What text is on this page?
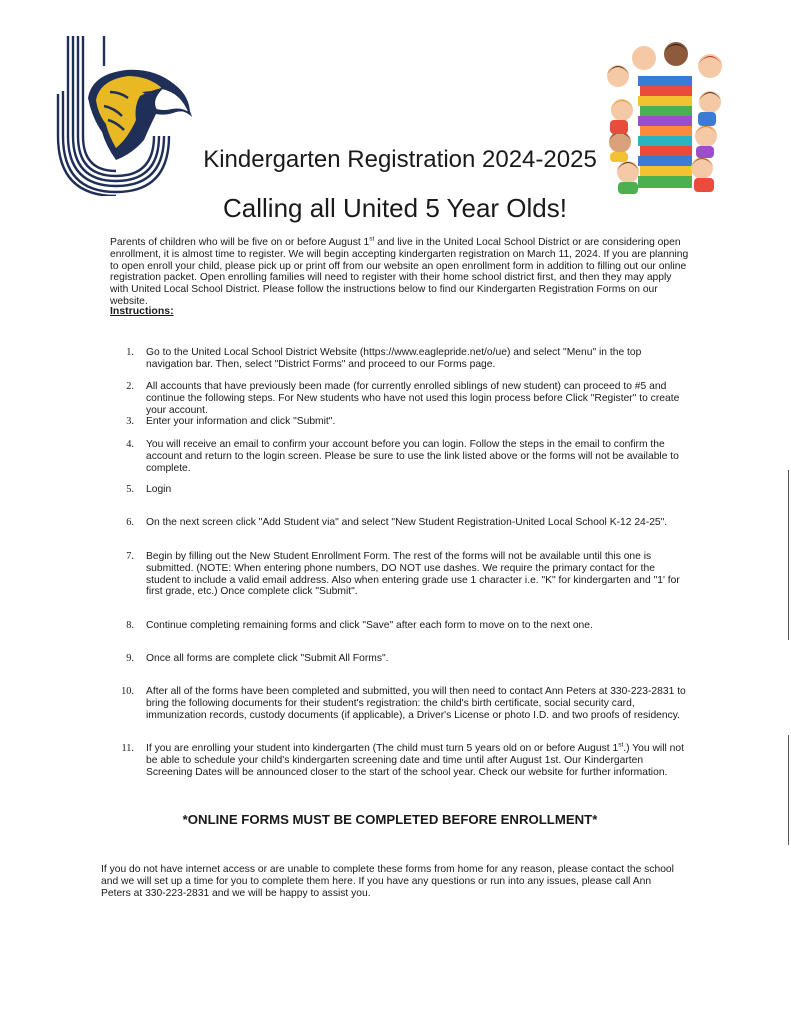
Kindergarten Registration 2024-2025
Calling all United 5 Year Olds!

Parents of children who will be five on or before August 1st and live in the United Local School District or are considering open enrollment, it is almost time to register. We will begin accepting kindergarten registration on March 11, 2024. If you are planning to open enroll your child, please pick up or print off from our website an open enrollment form in addition to filling out our online registration packet. Open enrolling families will need to register with their home school district first, and then they may apply with United Local School District. Please follow the instructions below to find our Kindergarten Registration Forms on our website.

Instructions:
1. Go to the United Local School District Website (https://www.eaglepride.net/o/ue) and select "Menu" in the top navigation bar. Then, select "District Forms" and proceed to our Forms page.
2. All accounts that have previously been made (for currently enrolled siblings of new student) can proceed to #5 and continue the following steps. For New students who have not used this login process before Click "Register" to create your account.
3. Enter your information and click "Submit".
4. You will receive an email to confirm your account before you can login. Follow the steps in the email to confirm the account and return to the login screen. Please be sure to use the link listed above or the forms will not be available to complete.
5. Login
6. On the next screen click "Add Student via" and select "New Student Registration-United Local School K-12 24-25".
7. Begin by filling out the New Student Enrollment Form. The rest of the forms will not be available until this one is submitted. (NOTE: When entering phone numbers, DO NOT use dashes. We require the primary contact for the student to include a valid email address. Also when entering grade use 1 character i.e. "K" for kindergarten and "1' for first grade, etc.) Once complete click "Submit".
8. Continue completing remaining forms and click "Save" after each form to move on to the next one.
9. Once all forms are complete click "Submit All Forms".
10. After all of the forms have been completed and submitted, you will then need to contact Ann Peters at 330-223-2831 to bring the following documents for their student's registration: the child's birth certificate, social security card, immunization records, custody documents (if applicable), a Driver's License or photo I.D. and two proofs of residency.
11. If you are enrolling your student into kindergarten (The child must turn 5 years old on or before August 1st.) You will not be able to schedule your child's kindergarten screening date and time until after August 1st. Our Kindergarten Screening Dates will be announced closer to the start of the school year. Check our website for further information.
*ONLINE FORMS MUST BE COMPLETED BEFORE ENROLLMENT*

If you do not have internet access or are unable to complete these forms from home for any reason, please contact the school and we will set up a time for you to complete them here. If you have any questions or run into any issues, please call Ann Peters at 330-223-2831 and we will be happy to assist you.
